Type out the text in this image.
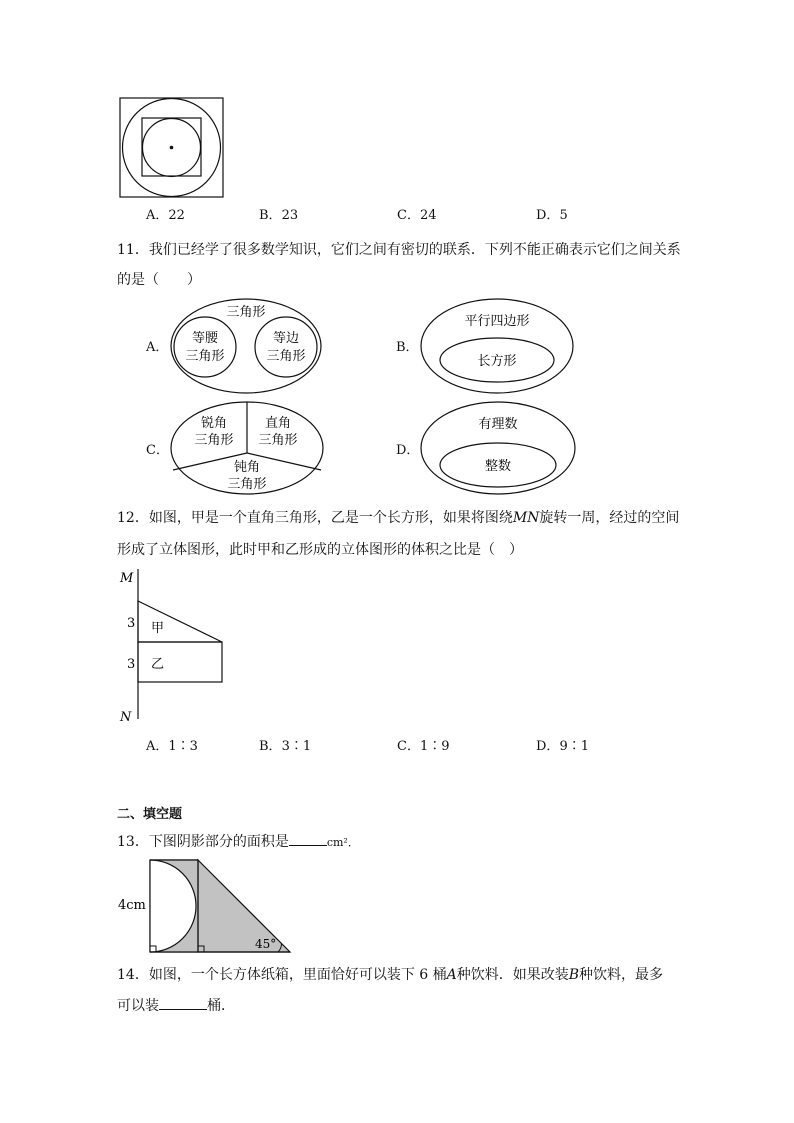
A．22	B．23	C．24	D．5
11．我们已经学了很多数学知识，它们之间有密切的联系．下列不能正确表示它们之间关系
的是（　　）
A．
三角形
等腰
三角形
等边
三角形
B．
平行四边形
长方形
C．
锐角
三角形
直角
三角形
钝角
三角形
D．
有理数
整数
12．如图，甲是一个直角三角形，乙是一个长方形，如果将图绕MN旋转一周，经过的空间
形成了立体图形，此时甲和乙形成的立体图形的体积之比是（　）
M
N
3
3
甲
乙
A．1∶3	B．3∶1	C．1∶9	D．9∶1
二、填空题
13．下图阴影部分的面积是	cm²．
4cm
45°
14．如图，一个长方体纸箱，里面恰好可以装下 6 桶A种饮料．如果改装B种饮料，最多
可以装	桶．
